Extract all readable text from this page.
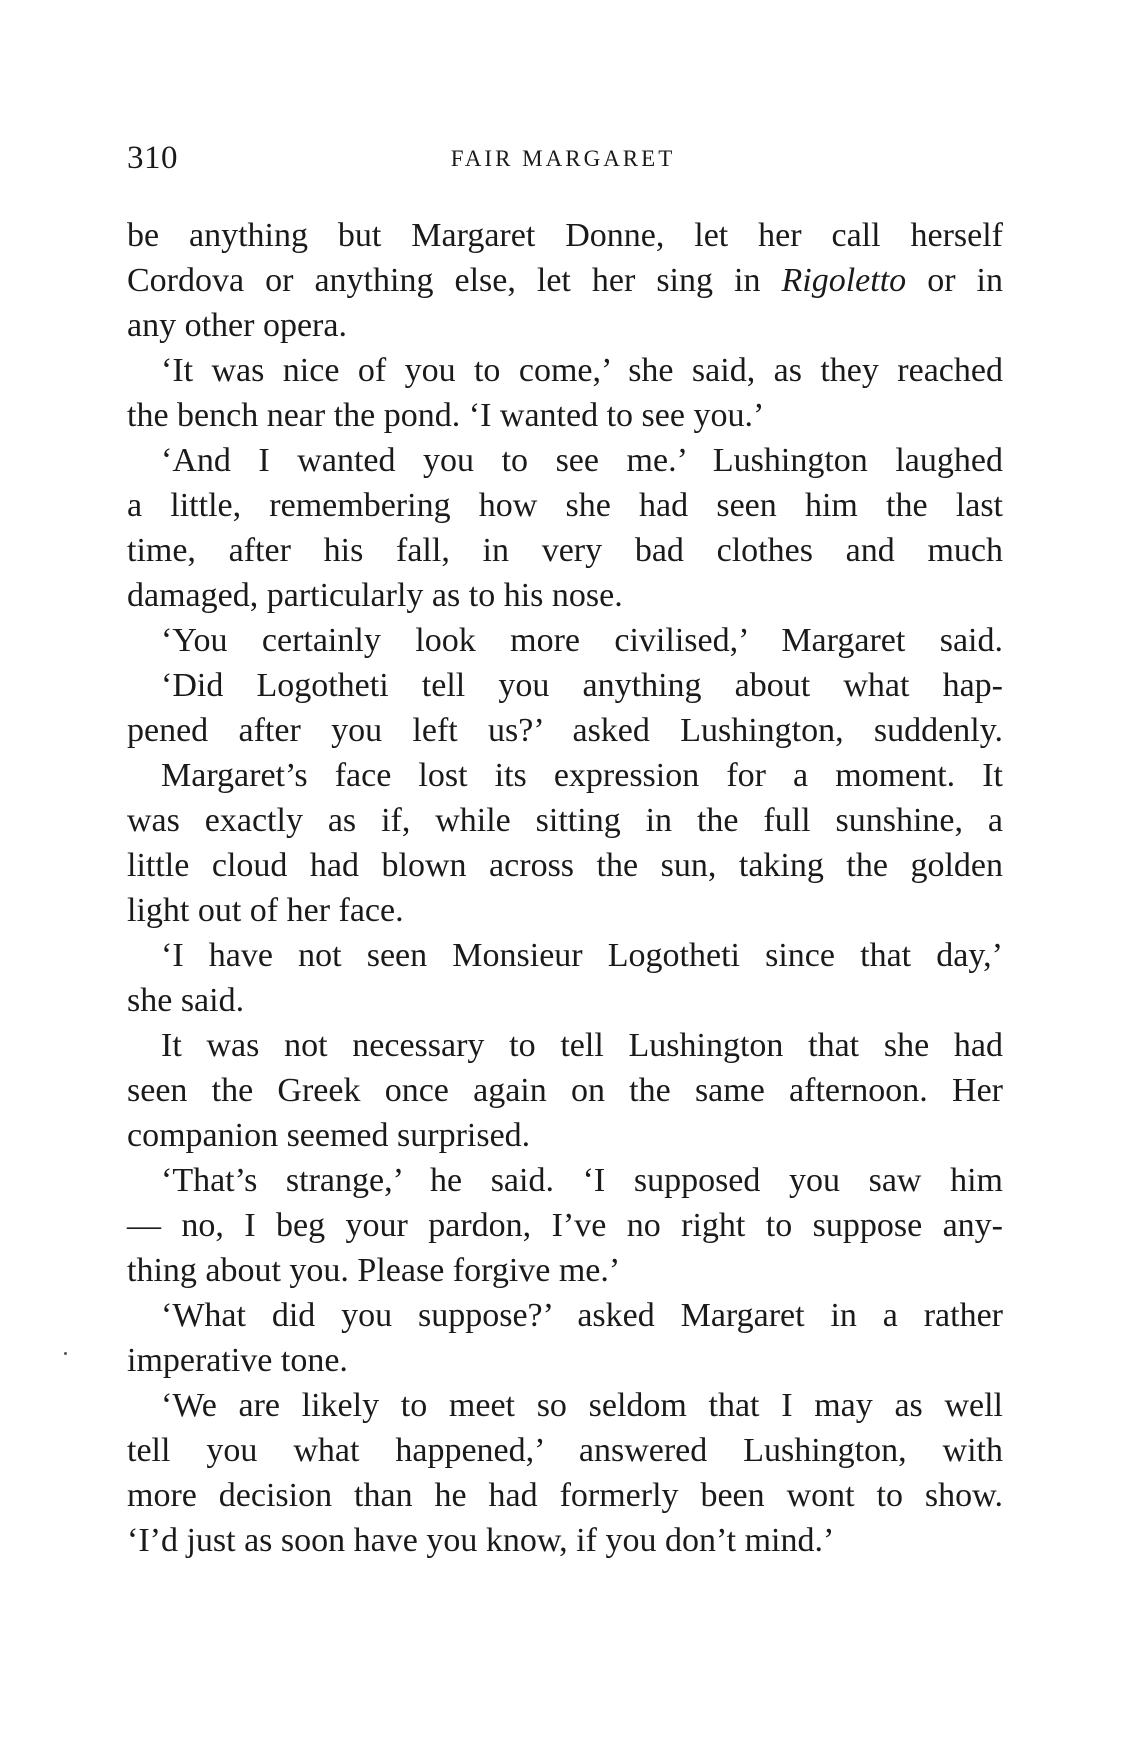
310	FAIR MARGARET
be anything but Margaret Donne, let her call herself
Cordova or anything else, let her sing in Rigoletto or in
any other opera.
‘It was nice of you to come,’ she said, as they reached
the bench near the pond. ‘I wanted to see you.’
‘And I wanted you to see me.’ Lushington laughed
a little, remembering how she had seen him the last
time, after his fall, in very bad clothes and much
damaged, particularly as to his nose.
‘You certainly look more civilised,’ Margaret said.
‘Did Logotheti tell you anything about what hap-
pened after you left us?’ asked Lushington, suddenly.
Margaret’s face lost its expression for a moment. It
was exactly as if, while sitting in the full sunshine, a
little cloud had blown across the sun, taking the golden
light out of her face.
‘I have not seen Monsieur Logotheti since that day,’
she said.
It was not necessary to tell Lushington that she had
seen the Greek once again on the same afternoon. Her
companion seemed surprised.
‘That’s strange,’ he said. ‘I supposed you saw him
— no, I beg your pardon, I’ve no right to suppose any-
thing about you. Please forgive me.’
‘What did you suppose?’ asked Margaret in a rather
imperative tone.
‘We are likely to meet so seldom that I may as well
tell you what happened,’ answered Lushington, with
more decision than he had formerly been wont to show.
‘I’d just as soon have you know, if you don’t mind.’
